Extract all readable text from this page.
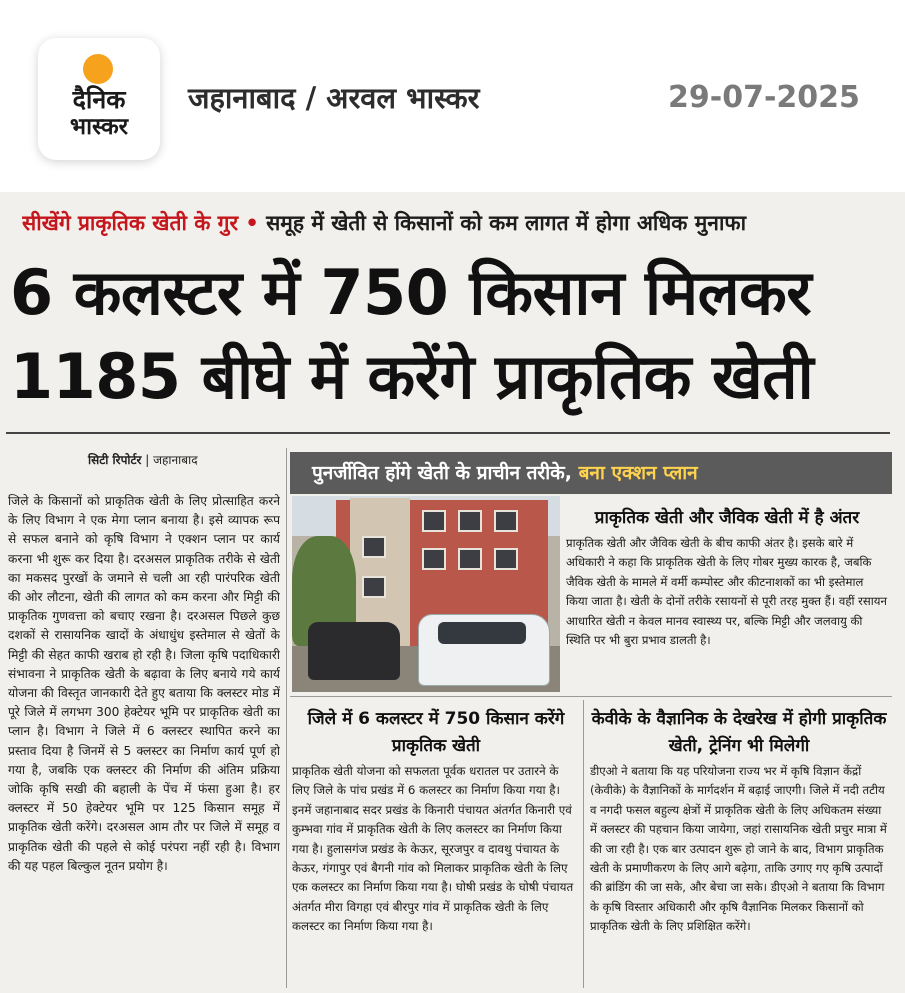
दैनिक
भास्कर
जहानाबाद / अरवल भास्कर	29-07-2025
सीखेंगे प्राकृतिक खेती के गुर • समूह में खेती से किसानों को कम लागत में होगा अधिक मुनाफा
6 कलस्टर में 750 किसान मिलकर
1185 बीघे में करेंगे प्राकृतिक खेती
सिटी रिपोर्टर | जहानाबाद

जिले के किसानों को प्राकृतिक खेती के लिए प्रोत्साहित करने के लिए विभाग ने एक मेगा प्लान बनाया है। इसे व्यापक रूप से सफल बनाने को कृषि विभाग ने एक्शन प्लान पर कार्य करना भी शुरू कर दिया है। दरअसल प्राकृतिक तरीके से खेती का मकसद पुरखों के जमाने से चली आ रही पारंपरिक खेती की ओर लौटना, खेती की लागत को कम करना और मिट्टी की प्राकृतिक गुणवत्ता को बचाए रखना है। दरअसल पिछले कुछ दशकों से रासायनिक खादों के अंधाधुंध इस्तेमाल से खेतों के मिट्टी की सेहत काफी खराब हो रही है। जिला कृषि पदाधिकारी संभावना ने प्राकृतिक खेती के बढ़ावा के लिए बनाये गये कार्य योजना की विस्तृत जानकारी देते हुए बताया कि क्लस्टर मोड में पूरे जिले में लगभग 300 हेक्टेयर भूमि पर प्राकृतिक खेती का प्लान है। विभाग ने जिले में 6 क्लस्टर स्थापित करने का प्रस्ताव दिया है जिनमें से 5 क्लस्टर का निर्माण कार्य पूर्ण हो गया है, जबकि एक क्लस्टर की निर्माण की अंतिम प्रक्रिया जोकि कृषि सखी की बहाली के पेंच में फंसा हुआ है। हर क्लस्टर में 50 हेक्टेयर भूमि पर 125 किसान समूह में प्राकृतिक खेती करेंगे। दरअसल आम तौर पर जिले में समूह व प्राकृतिक खेती की पहले से कोई परंपरा नहीं रही है। विभाग की यह पहल बिल्कुल नूतन प्रयोग है।

पुनर्जीवित होंगे खेती के प्राचीन तरीके, बना एक्शन प्लान
प्राकृतिक खेती और जैविक खेती में है अंतर

प्राकृतिक खेती और जैविक खेती के बीच काफी अंतर है। इसके बारे में अधिकारी ने कहा कि प्राकृतिक खेती के लिए गोबर मुख्य कारक है, जबकि जैविक खेती के मामले में वर्मी कम्पोस्ट और कीटनाशकों का भी इस्तेमाल किया जाता है। खेती के दोनों तरीके रसायनों से पूरी तरह मुक्त हैं। वहीं रसायन आधारित खेती न केवल मानव स्वास्थ्य पर, बल्कि मिट्टी और जलवायु की स्थिति पर भी बुरा प्रभाव डालती है।

जिले में 6 कलस्टर में 750 किसान करेंगे प्राकृतिक खेती

प्राकृतिक खेती योजना को सफलता पूर्वक धरातल पर उतारने के लिए जिले के पांच प्रखंड में 6 कलस्टर का निर्माण किया गया है। इनमें जहानाबाद सदर प्रखंड के किनारी पंचायत अंतर्गत किनारी एवं कुम्भवा गांव में प्राकृतिक खेती के लिए कलस्टर का निर्माण किया गया है। हुलासगंज प्रखंड के केऊर, सूरजपुर व दावथु पंचायत के केऊर, गंगापुर एवं बैगनी गांव को मिलाकर प्राकृतिक खेती के लिए एक कलस्टर का निर्माण किया गया है। घोषी प्रखंड के घोषी पंचायत अंतर्गत मीरा विगहा एवं बीरपुर गांव में प्राकृतिक खेती के लिए कलस्टर का निर्माण किया गया है।

केवीके के वैज्ञानिक के देखरेख में होगी प्राकृतिक खेती, ट्रेनिंग भी मिलेगी

डीएओ ने बताया कि यह परियोजना राज्य भर में कृषि विज्ञान केंद्रों (केवीके) के वैज्ञानिकों के मार्गदर्शन में बढ़ाई जाएगी। जिले में नदी तटीय व नगदी फसल बहुल्य क्षेत्रों में प्राकृतिक खेती के लिए अधिकतम संख्या में क्लस्टर की पहचान किया जायेगा, जहां रासायनिक खेती प्रचुर मात्रा में की जा रही है। एक बार उत्पादन शुरू हो जाने के बाद, विभाग प्राकृतिक खेती के प्रमाणीकरण के लिए आगे बढ़ेगा, ताकि उगाए गए कृषि उत्पादों की ब्रांडिंग की जा सके, और बेचा जा सके। डीएओ ने बताया कि विभाग के कृषि विस्तार अधिकारी और कृषि वैज्ञानिक मिलकर किसानों को प्राकृतिक खेती के लिए प्रशिक्षित करेंगे।
